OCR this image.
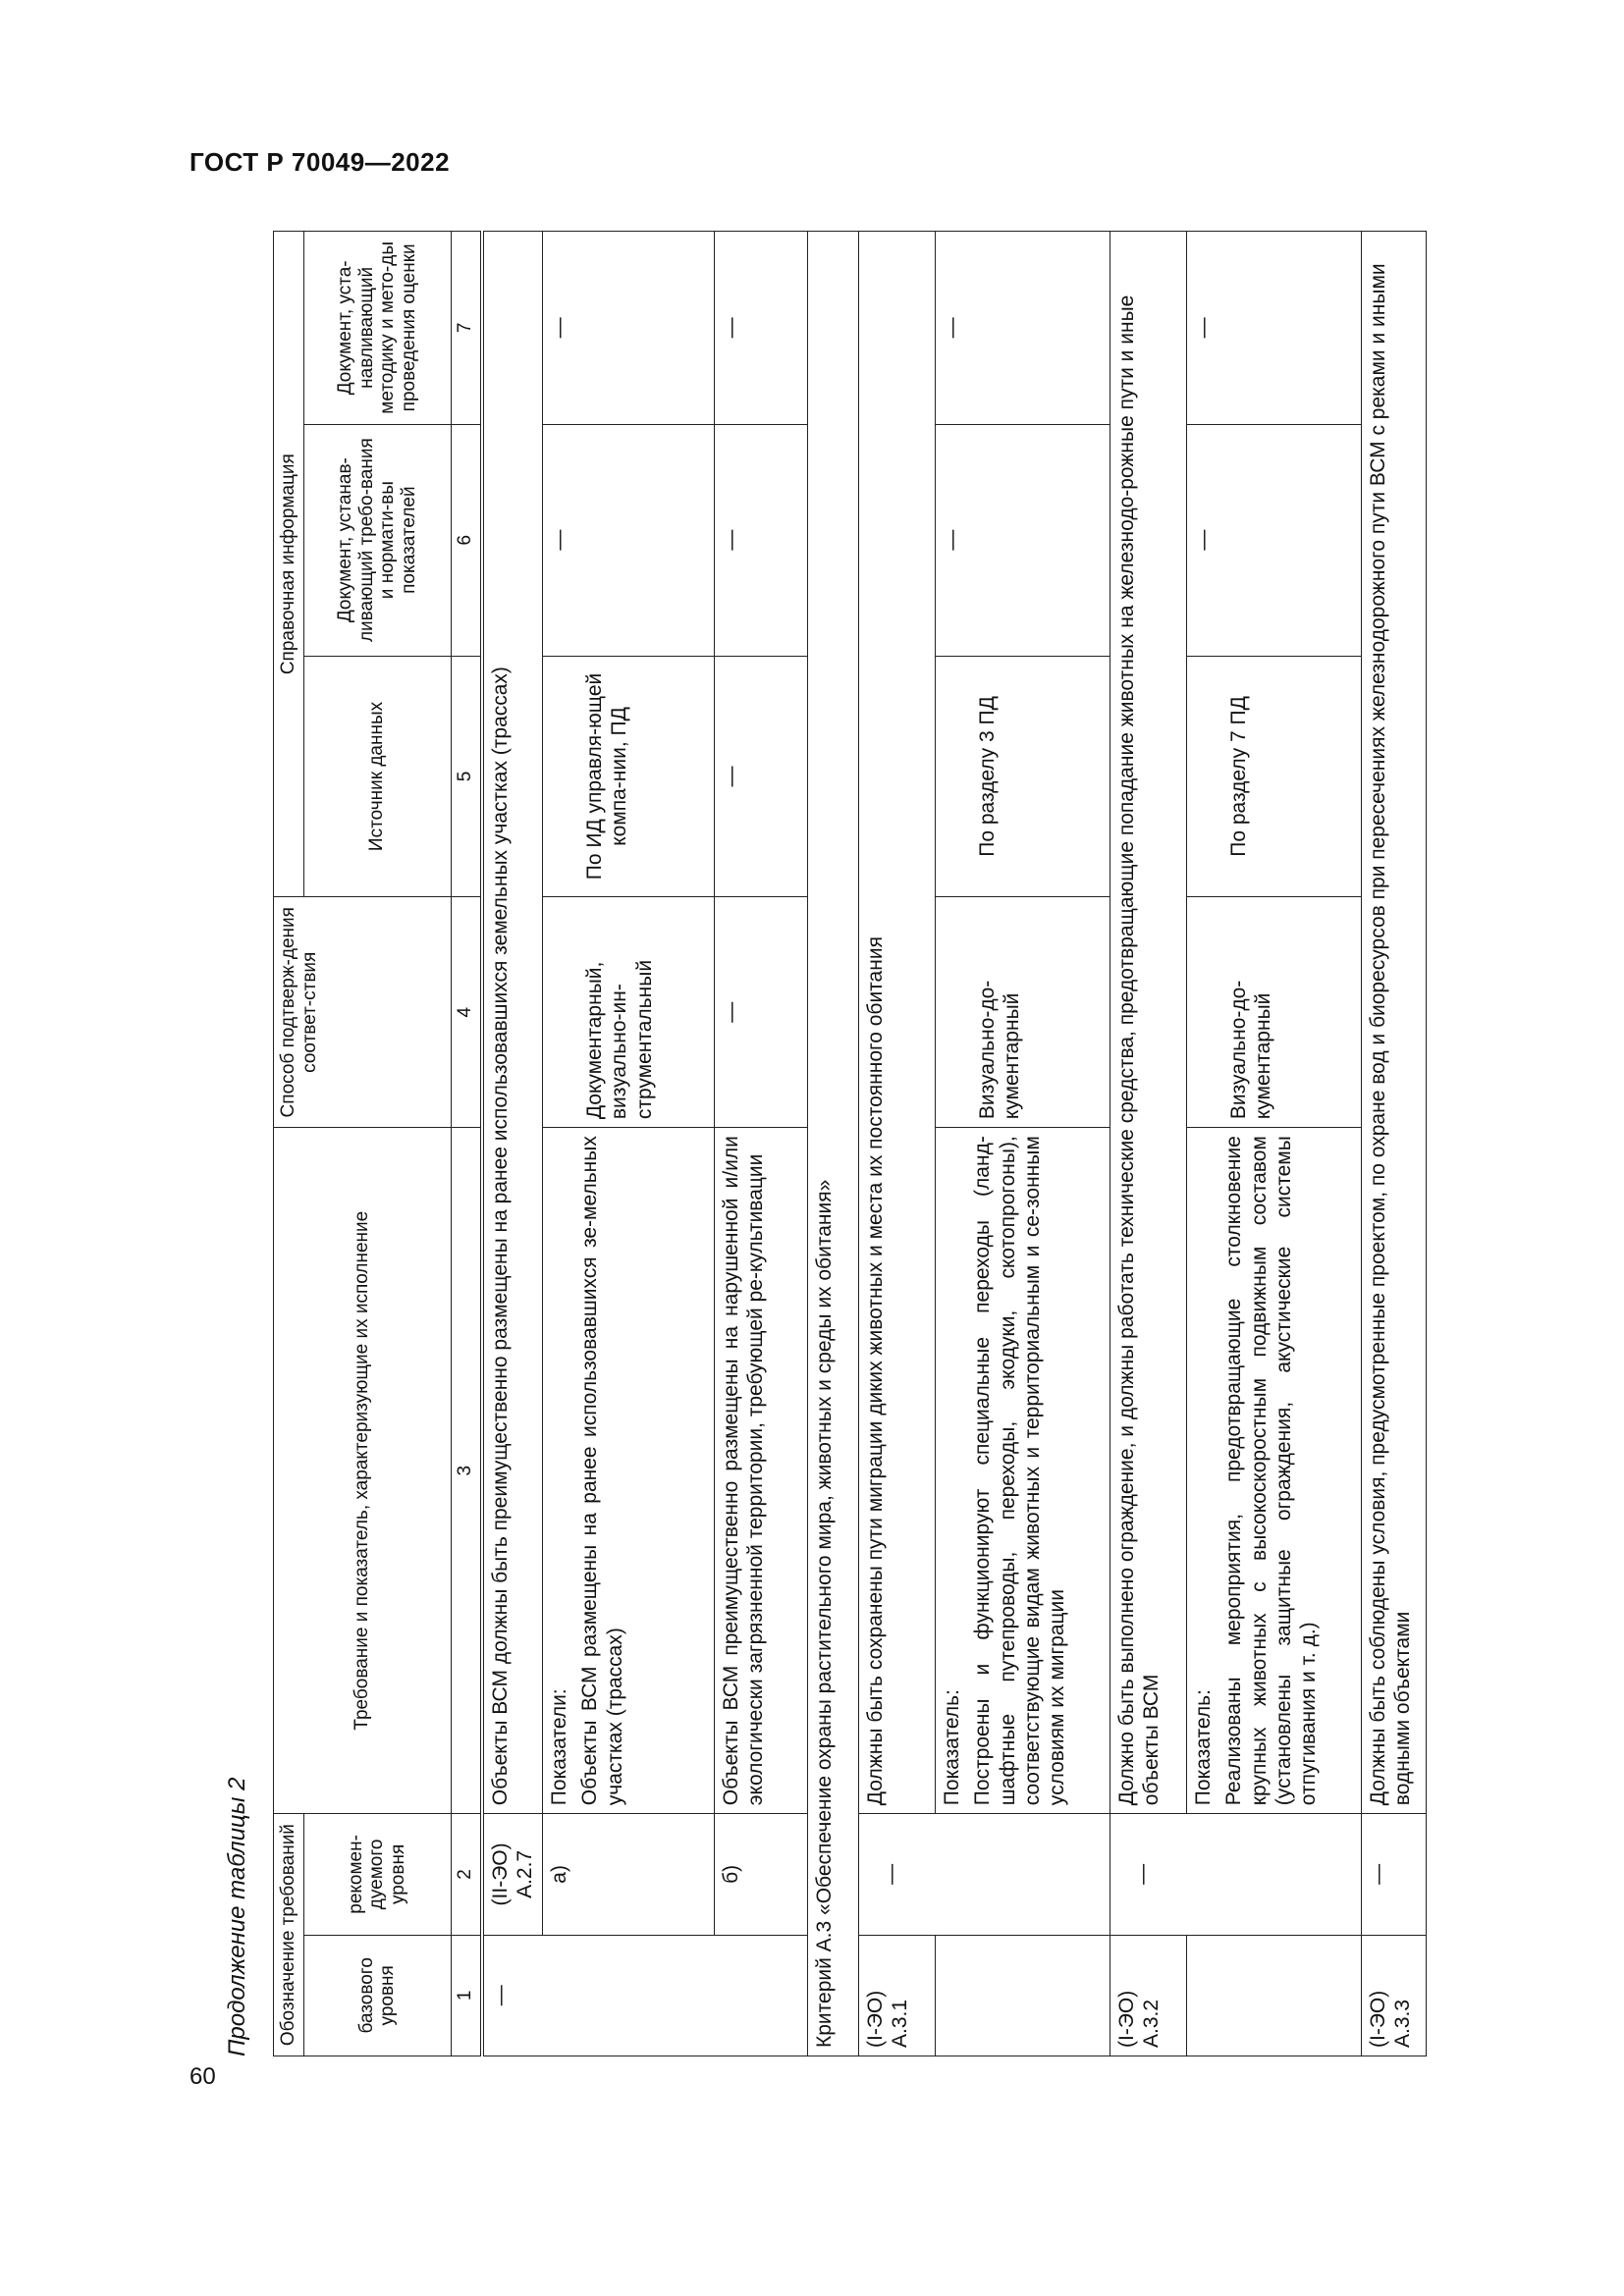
ГОСТ Р 70049—2022
60
Продолжение таблицы 2 Обозначение требований		Требование и показатель, характеризующие их исполнение	Способ подтверж-дения соответ-ствия	Справочная информация		
базового уровня	рекомен-дуемого уровня			Источник данных	Документ, устанав-ливающий требо-вания и нормати-вы показателей	Документ, уста-навливающий методику и мето-ды проведения оценки
1	2	3	4	5	6	7
—	(II-ЭО) А.2.7	Объекты ВСМ должны быть преимущественно размещены на ранее использовавшихся земельных участках (трассах)				
	а)	Показатели: Объекты ВСМ размещены на ранее использовавшихся зе-мельных участках (трассах)	Документарный, визуально-ин-струментальный	По ИД управля-ющей компа-нии, ПД	—	—
	б)	Объекты ВСМ преимущественно размещены на нарушенной и/или экологически загрязненной территории, требующей ре-культивации	—	—	—	—
Критерий А.3 «Обеспечение охраны растительного мира, животных и среды их обитания»						
(I-ЭО) А.3.1	—	Должны быть сохранены пути миграции диких животных и места их постоянного обитания				

		Показатель: Построены и функционируют специальные переходы (ланд-шафтные путепроводы, переходы, экодуки, скотопрогоны), соответствующие видам животных и территориальным и се-зонным условиям их миграции	Визуально-до-кументарный	По разделу 3 ПД	—	—
(I-ЭО) А.3.2	—	Должно быть выполнено ограждение, и должны работать технические средства, предотвращающие попадание животных на железнодо-рожные пути и иные объекты ВСМ				

		Показатель: Реализованы мероприятия, предотвращающие столкновение крупных животных с высокоскоростным подвижным составом (установлены защитные ограждения, акустические системы отпугивания и т. д.)	Визуально-до-кументарный	По разделу 7 ПД	—	—
(I-ЭО) А.3.3	—	Должны быть соблюдены условия, предусмотренные проектом, по охране вод и биоресурсов при пересечениях железнодорожного пути ВСМ с реками и иными водными объектами				
